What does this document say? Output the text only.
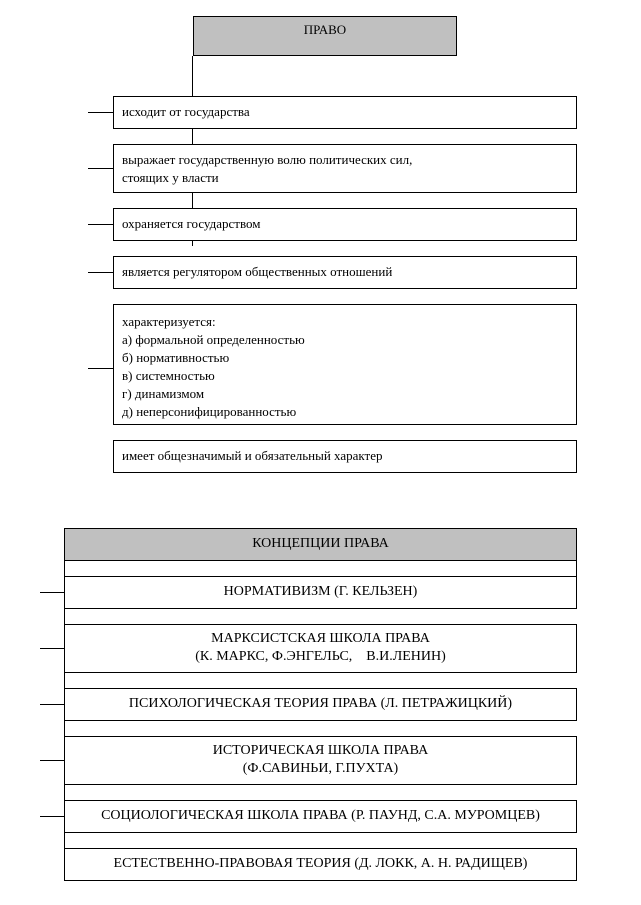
ПРАВО
исходит от государства
выражает государственную волю политических сил,
стоящих у власти
охраняется государством
является регулятором общественных отношений
характеризуется:
а) формальной определенностью
б) нормативностью
в) системностью
г) динамизмом
д) неперсонифицированностью
имеет общезначимый и обязательный характер
КОНЦЕПЦИИ ПРАВА
НОРМАТИВИЗМ (Г. КЕЛЬЗЕН)
МАРКСИСТСКАЯ ШКОЛА ПРАВА
(К. МАРКС, Ф.ЭНГЕЛЬС,    В.И.ЛЕНИН)
ПСИХОЛОГИЧЕСКАЯ ТЕОРИЯ ПРАВА (Л. ПЕТРАЖИЦКИЙ)
ИСТОРИЧЕСКАЯ ШКОЛА ПРАВА
(Ф.САВИНЬИ, Г.ПУХТА)
СОЦИОЛОГИЧЕСКАЯ ШКОЛА ПРАВА (Р. ПАУНД, С.А. МУРОМЦЕВ)
ЕСТЕСТВЕННО-ПРАВОВАЯ ТЕОРИЯ (Д. ЛОКК, А. Н. РАДИЩЕВ)
